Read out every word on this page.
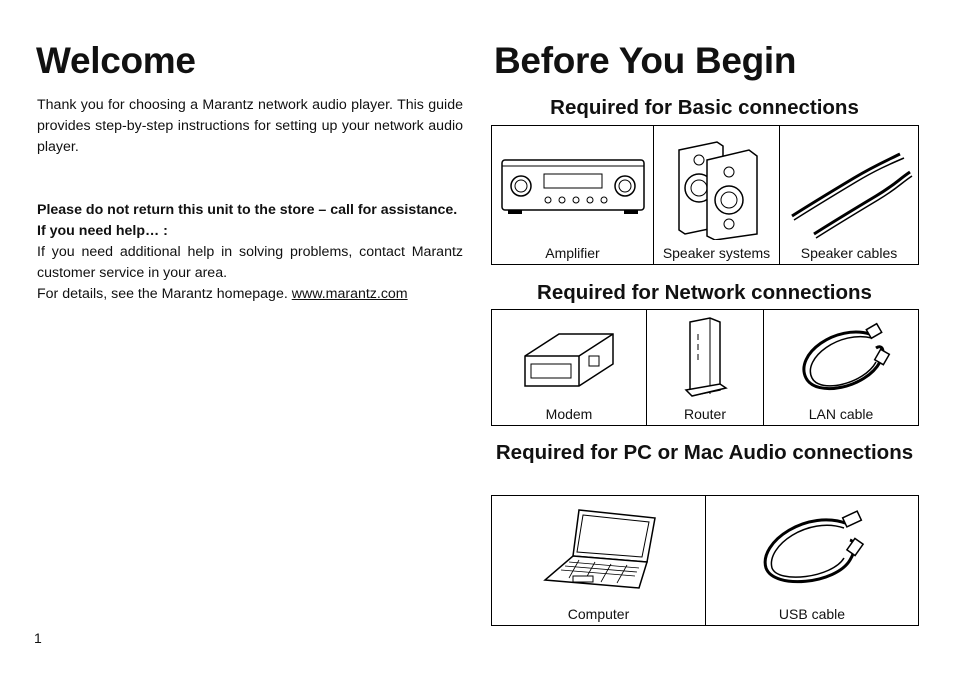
Welcome
Thank you for choosing a Marantz network audio player. This guide provides step-by-step instructions for setting up your network audio player.
Please do not return this unit to the store – call for assistance.
If you need help… :
If you need additional help in solving problems, contact Marantz customer service in your area.
For details, see the Marantz homepage. www.marantz.com
1
Before You Begin
Required for Basic connections
Amplifier	Speaker systems	Speaker cables
Required for Network connections
Modem	Router	LAN cable
Required for PC or Mac Audio connections
Computer	USB cable
